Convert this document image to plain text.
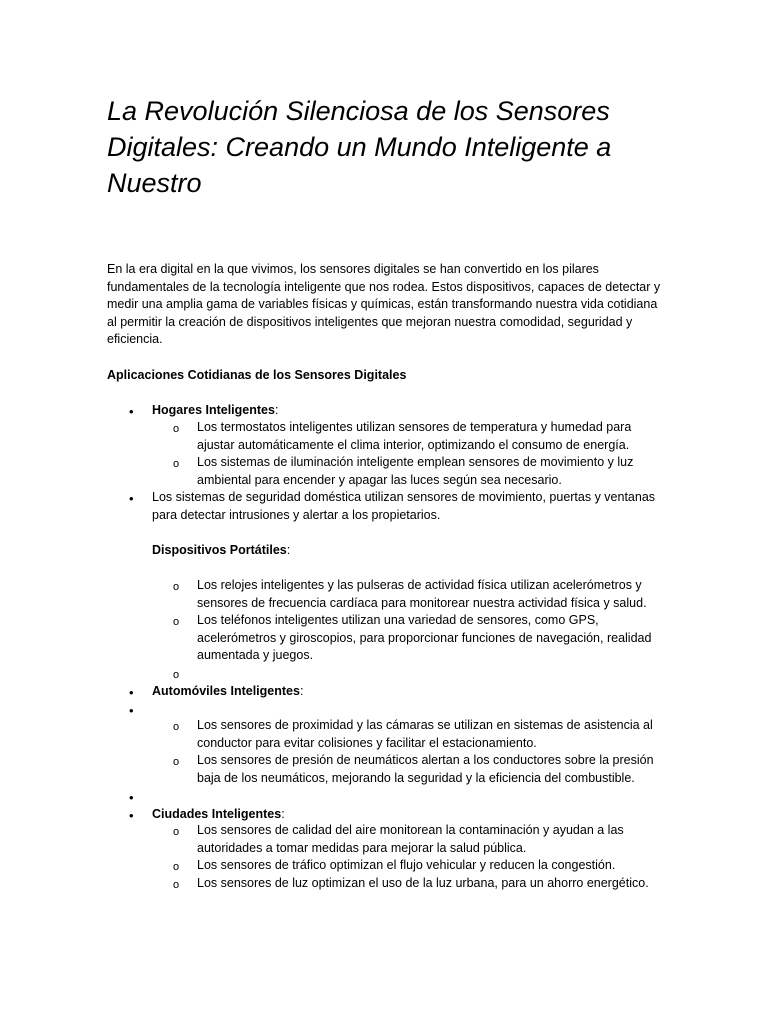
La Revolución Silenciosa de los Sensores Digitales: Creando un Mundo Inteligente a Nuestro

En la era digital en la que vivimos, los sensores digitales se han convertido en los pilares fundamentales de la tecnología inteligente que nos rodea. Estos dispositivos, capaces de detectar y medir una amplia gama de variables físicas y químicas, están transformando nuestra vida cotidiana al permitir la creación de dispositivos inteligentes que mejoran nuestra comodidad, seguridad y eficiencia.

Aplicaciones Cotidianas de los Sensores Digitales

• Hogares Inteligentes:
o Los termostatos inteligentes utilizan sensores de temperatura y humedad para ajustar automáticamente el clima interior, optimizando el consumo de energía.
o Los sistemas de iluminación inteligente emplean sensores de movimiento y luz ambiental para encender y apagar las luces según sea necesario.
• Los sistemas de seguridad doméstica utilizan sensores de movimiento, puertas y ventanas para detectar intrusiones y alertar a los propietarios.
Dispositivos Portátiles:
o Los relojes inteligentes y las pulseras de actividad física utilizan acelerómetros y sensores de frecuencia cardíaca para monitorear nuestra actividad física y salud.
o Los teléfonos inteligentes utilizan una variedad de sensores, como GPS, acelerómetros y giroscopios, para proporcionar funciones de navegación, realidad aumentada y juegos.
o
• Automóviles Inteligentes:
•
o Los sensores de proximidad y las cámaras se utilizan en sistemas de asistencia al conductor para evitar colisiones y facilitar el estacionamiento.
o Los sensores de presión de neumáticos alertan a los conductores sobre la presión baja de los neumáticos, mejorando la seguridad y la eficiencia del combustible.
•
• Ciudades Inteligentes:
o Los sensores de calidad del aire monitorean la contaminación y ayudan a las autoridades a tomar medidas para mejorar la salud pública.
o Los sensores de tráfico optimizan el flujo vehicular y reducen la congestión.
o Los sensores de luz optimizan el uso de la luz urbana, para un ahorro energético.
